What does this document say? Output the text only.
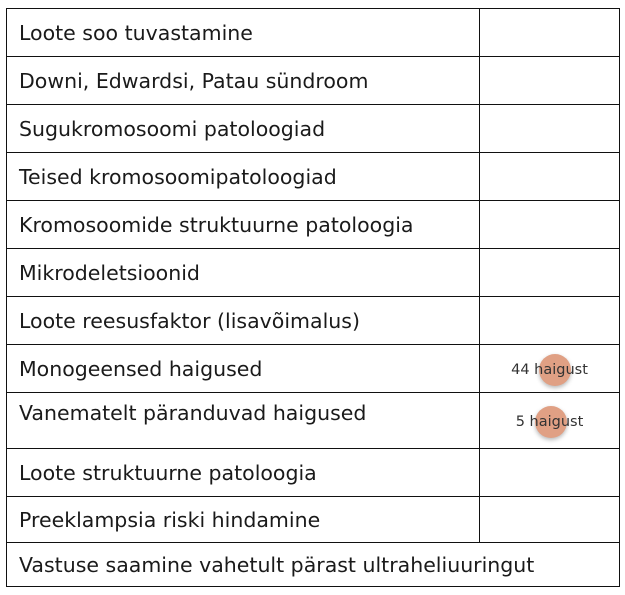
Loote soo tuvastamine	
Downi, Edwardsi, Patau sündroom	
Sugukromosoomi patoloogiad	
Teised kromosoomipatoloogiad	
Kromosoomide struktuurne patoloogia	
Mikrodeletsioonid	
Loote reesusfaktor (lisavõimalus)	
Monogeensed haigused	44 haigust
Vanematelt päranduvad haigused	5 haigust
Loote struktuurne patoloogia	
Preeklampsia riski hindamine	
Vastuse saamine vahetult pärast ultraheliuuringut	
